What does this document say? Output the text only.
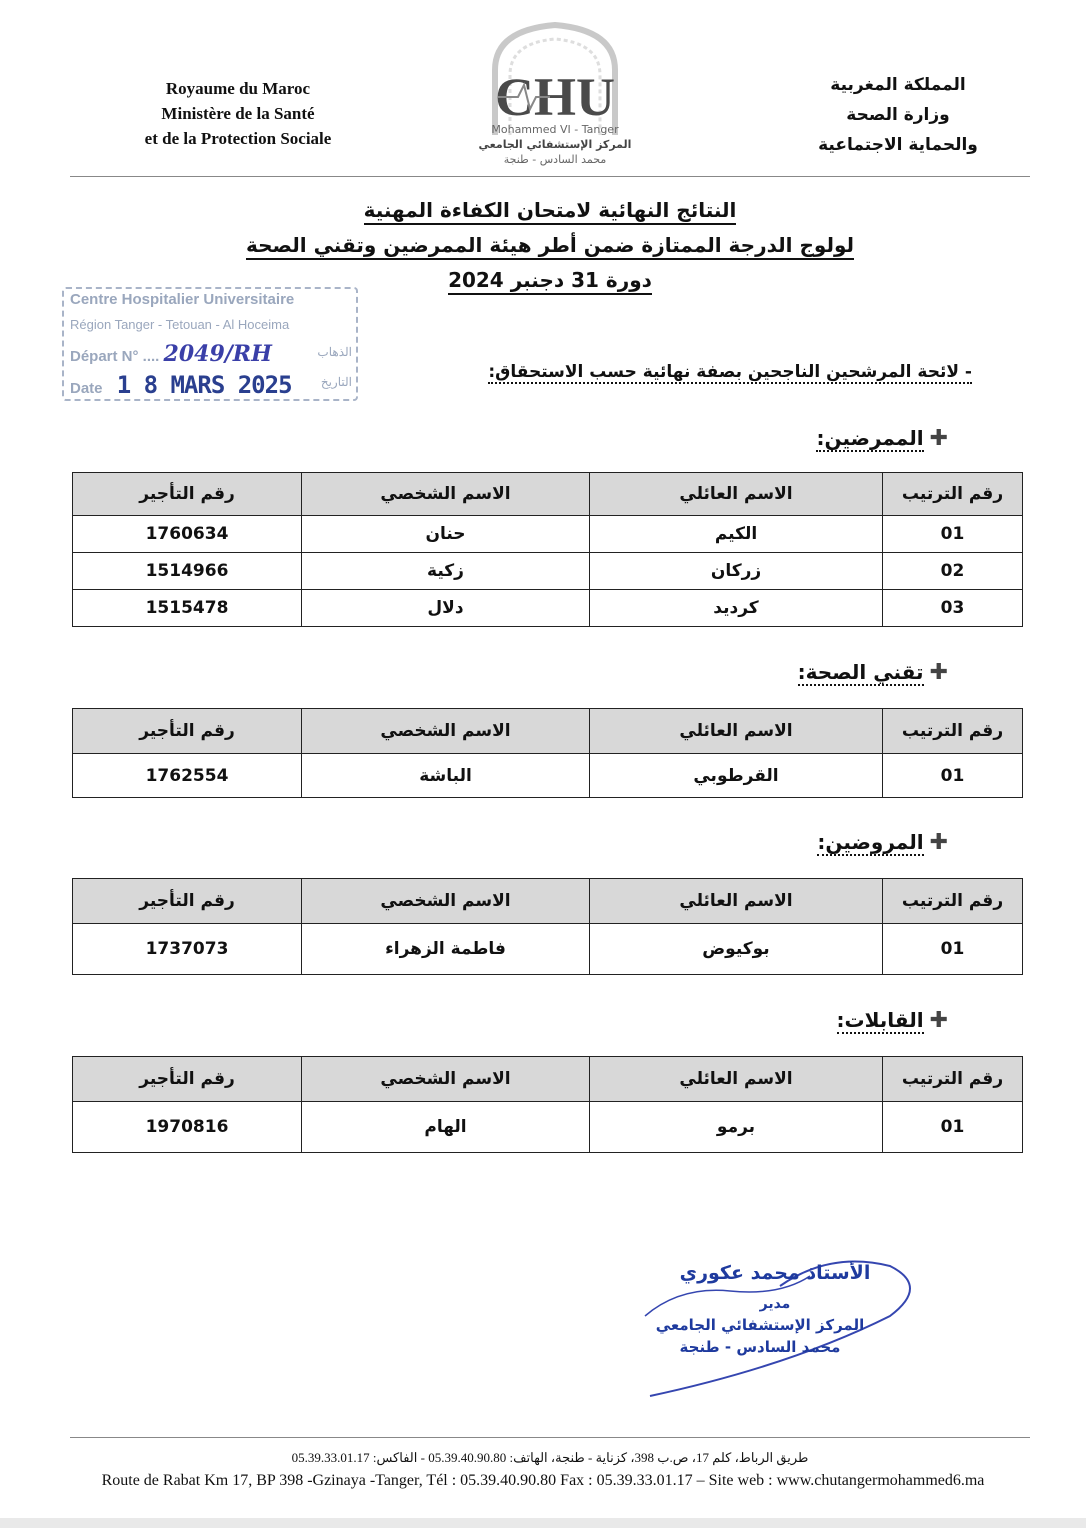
Royaume du Maroc
Ministère de la Santé
et de la Protection Sociale
المملكة المغربية
وزارة الصحة
والحماية الاجتماعية
CHU
Mohammed VI - Tanger
المركز الإستشفائي الجامعي
محمد السادس - طنجة
النتائج النهائية لامتحان الكفاءة المهنية
لولوج الدرجة الممتازة ضمن أطر هيئة الممرضين وتقني الصحة
دورة 31 دجنبر 2024
Centre Hospitalier Universitaire
Région Tanger - Tetouan - Al Hoceima
Départ N° .... 2049/RH	الذهاب
Date 1 8 MARS 2025 التاريخ	- لائحة المرشحين الناجحين بصفة نهائية حسب الاستحقاق:
✚الممرضين:
رقم الترتيب	الاسم العائلي	الاسم الشخصي	رقم التأجير
01	الكيم	حنان	1760634
02	زركان	زكية	1514966
03	كرديد	دلال	1515478
✚تقني الصحة:
رقم الترتيب	الاسم العائلي	الاسم الشخصي	رقم التأجير
01	القرطوبي	الباشة	1762554
✚المروضين:
رقم الترتيب	الاسم العائلي	الاسم الشخصي	رقم التأجير
01	بوكيوض	فاطمة الزهراء	1737073
✚القابلات:
رقم الترتيب	الاسم العائلي	الاسم الشخصي	رقم التأجير
01	برمو	الهام	1970816
الأستاذ محمد عكوري
مدير
المركز الإستشفائي الجامعي
محمد السادس - طنجة
طريق الرباط، كلم 17، ص.ب 398، كزناية - طنجة، الهاتف: 05.39.40.90.80 - الفاكس: 05.39.33.01.17
Route de Rabat Km 17, BP 398 -Gzinaya -Tanger, Tél : 05.39.40.90.80 Fax : 05.39.33.01.17 – Site web : www.chutangermohammed6.ma
